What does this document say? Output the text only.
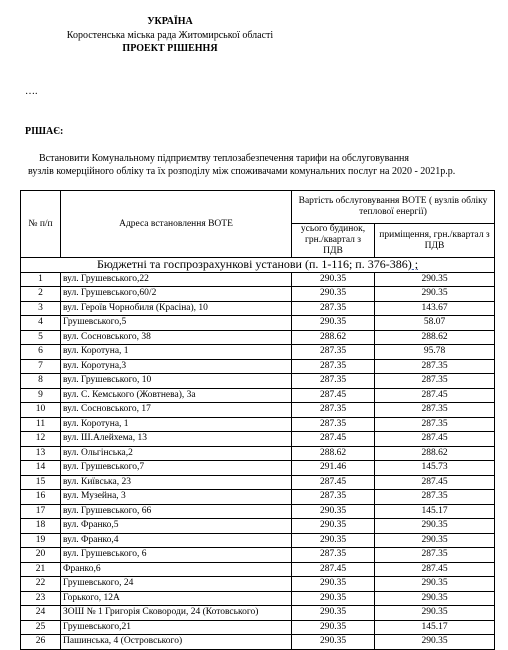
УКРАЇНА
Коростенська міська рада Житомирської області
ПРОЕКТ РІШЕННЯ
….
РІШАЄ:
Встановити Комунальному підприємтву теплозабезпечення тарифи на обслуговування
вузлів комерційного обліку та їх розподілу між споживачами комунальних послуг на 2020 - 2021р.р.
№ п/п	Адреса встановлення ВОТЕ	Вартість обслуговування ВОТЕ ( вузлів обліку теплової енергії)	
		усього будинок, грн./квартал з ПДВ	приміщення, грн./квартал з ПДВ
Бюджетні та госпрозрахункові установи (п. 1-116; п. 376-386) ;			
1	вул. Грушевського,22	290.35	290.35
2	вул. Грушевського,60/2	290.35	290.35
3	вул. Героїв Чорнобиля (Красіна), 10	287.35	143.67
4	Грушевського,5	290.35	58.07
5	вул. Сосновського, 38	288.62	288.62
6	вул. Коротуна, 1	287.35	95.78
7	вул. Коротуна,3	287.35	287.35
8	вул. Грушевського, 10	287.35	287.35
9	вул. С. Кемського (Жовтнева), 3а	287.45	287.45
10	вул. Сосновського, 17	287.35	287.35
11	вул. Коротуна, 1	287.35	287.35
12	вул. Ш.Алейхема, 13	287.45	287.45
13	вул. Ольгінська,2	288.62	288.62
14	вул. Грушевського,7	291.46	145.73
15	вул. Київська, 23	287.45	287.45
16	вул. Музейна, 3	287.35	287.35
17	вул. Грушевського, 66	290.35	145.17
18	вул. Франко,5	290.35	290.35
19	вул. Франко,4	290.35	290.35
20	вул. Грушевського, 6	287.35	287.35
21	Франко,6	287.45	287.45
22	Грушевського, 24	290.35	290.35
23	Горького, 12А	290.35	290.35
24	ЗОШ № 1 Григорія Сковороди, 24 (Котовського)	290.35	290.35
25	Грушевського,21	290.35	145.17
26	Пашинська, 4 (Островського)	290.35	290.35
